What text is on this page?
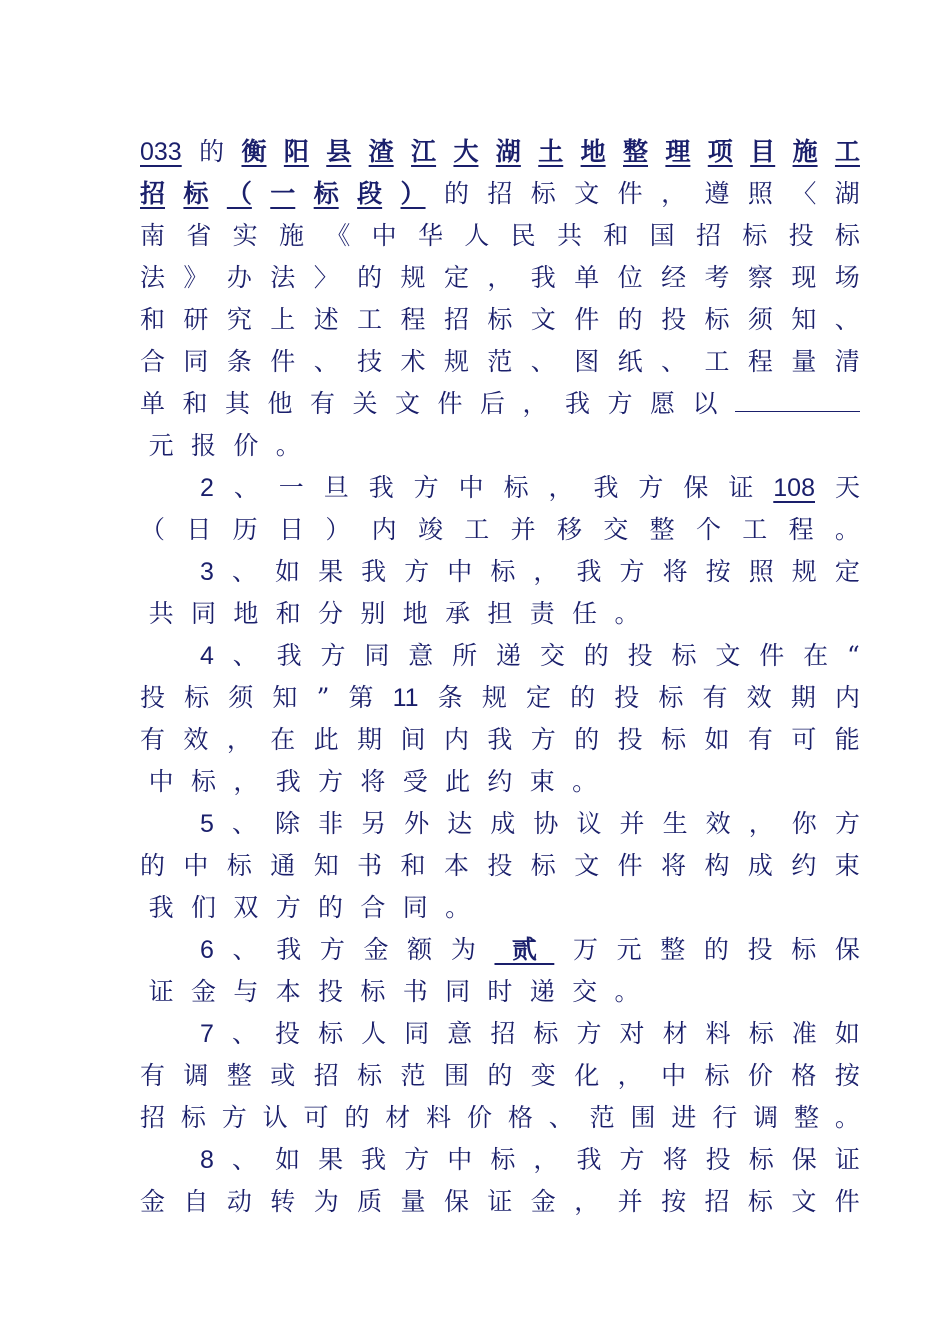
033 的 衡 阳 县 渣 江 大 湖 土 地 整 理 项 目 施 工
招 标 （ 一 标 段 ） 的 招 标 文 件 ， 遵 照 〈 湖
南 省 实 施 《 中 华 人 民 共 和 国 招 标 投 标
法 》 办 法 〉 的 规 定 ， 我 单 位 经 考 察 现 场
和 研 究 上 述 工 程 招 标 文 件 的 投 标 须 知 、
合 同 条 件 、 技 术 规 范 、 图 纸 、 工 程 量 清
单 和 其 他 有 关 文 件 后 ， 我 方 愿 以
元 报 价 。
2 、 一 旦 我 方 中 标 ， 我 方 保 证 108 天
（ 日 历 日 ） 内 竣 工 并 移 交 整 个 工 程 。
3 、 如 果 我 方 中 标 ， 我 方 将 按 照 规 定
共 同 地 和 分 别 地 承 担 责 任 。
4 、 我 方 同 意 所 递 交 的 投 标 文 件 在 “
投 标 须 知 ” 第 11 条 规 定 的 投 标 有 效 期 内
有 效 ， 在 此 期 间 内 我 方 的 投 标 如 有 可 能
中 标 ， 我 方 将 受 此 约 束 。
5 、 除 非 另 外 达 成 协 议 并 生 效 ， 你 方
的 中 标 通 知 书 和 本 投 标 文 件 将 构 成 约 束
我 们 双 方 的 合 同 。
6 、 我 方 金 额 为 贰 万 元 整 的 投 标 保
证 金 与 本 投 标 书 同 时 递 交 。
7 、 投 标 人 同 意 招 标 方 对 材 料 标 准 如
有 调 整 或 招 标 范 围 的 变 化 ， 中 标 价 格 按
招 标 方 认 可 的 材 料 价 格 、 范 围 进 行 调 整 。
8 、 如 果 我 方 中 标 ， 我 方 将 投 标 保 证
金 自 动 转 为 质 量 保 证 金 ， 并 按 招 标 文 件
